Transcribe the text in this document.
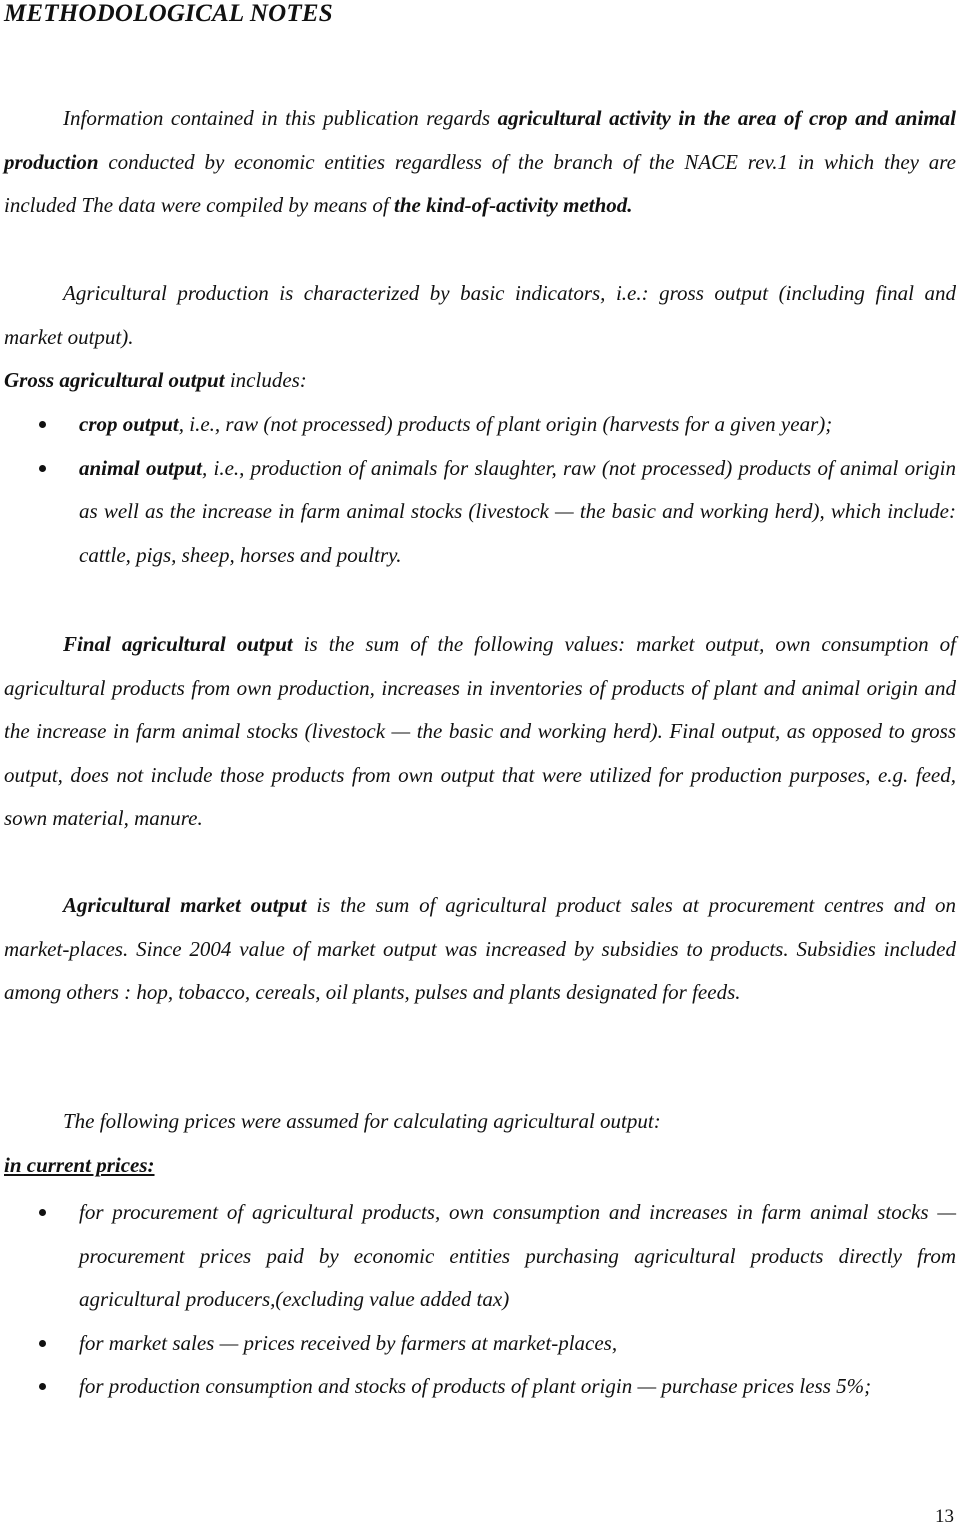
METHODOLOGICAL NOTES

Information contained in this publication regards agricultural activity in the area of crop and animal production conducted by economic entities regardless of the branch of the NACE rev.1 in which they are included The data were compiled by means of the kind-of-activity method.

Agricultural production is characterized by basic indicators, i.e.: gross output (including final and market output).

Gross agricultural output includes:

crop output, i.e., raw (not processed) products of plant origin (harvests for a given year);
animal output, i.e., production of animals for slaughter, raw (not processed) products of animal origin as well as the increase in farm animal stocks (livestock — the basic and working herd), which include: cattle, pigs, sheep, horses and poultry.

Final agricultural output is the sum of the following values: market output, own consumption of agricultural products from own production, increases in inventories of products of plant and animal origin and the increase in farm animal stocks (livestock — the basic and working herd). Final output, as opposed to gross output, does not include those products from own output that were utilized for production purposes, e.g. feed, sown material, manure.

Agricultural market output is the sum of agricultural product sales at procurement centres and on market-places. Since 2004 value of market output was increased by subsidies to products. Subsidies included among others : hop, tobacco, cereals, oil plants, pulses and plants designated for feeds.

The following prices were assumed for calculating agricultural output:

in current prices:

for procurement of agricultural products, own consumption and increases in farm animal stocks — procurement prices paid by economic entities purchasing agricultural products directly from agricultural producers,(excluding value added tax)
for market sales — prices received by farmers at market-places,
for production consumption and stocks of products of plant origin — purchase prices less 5%;
13
